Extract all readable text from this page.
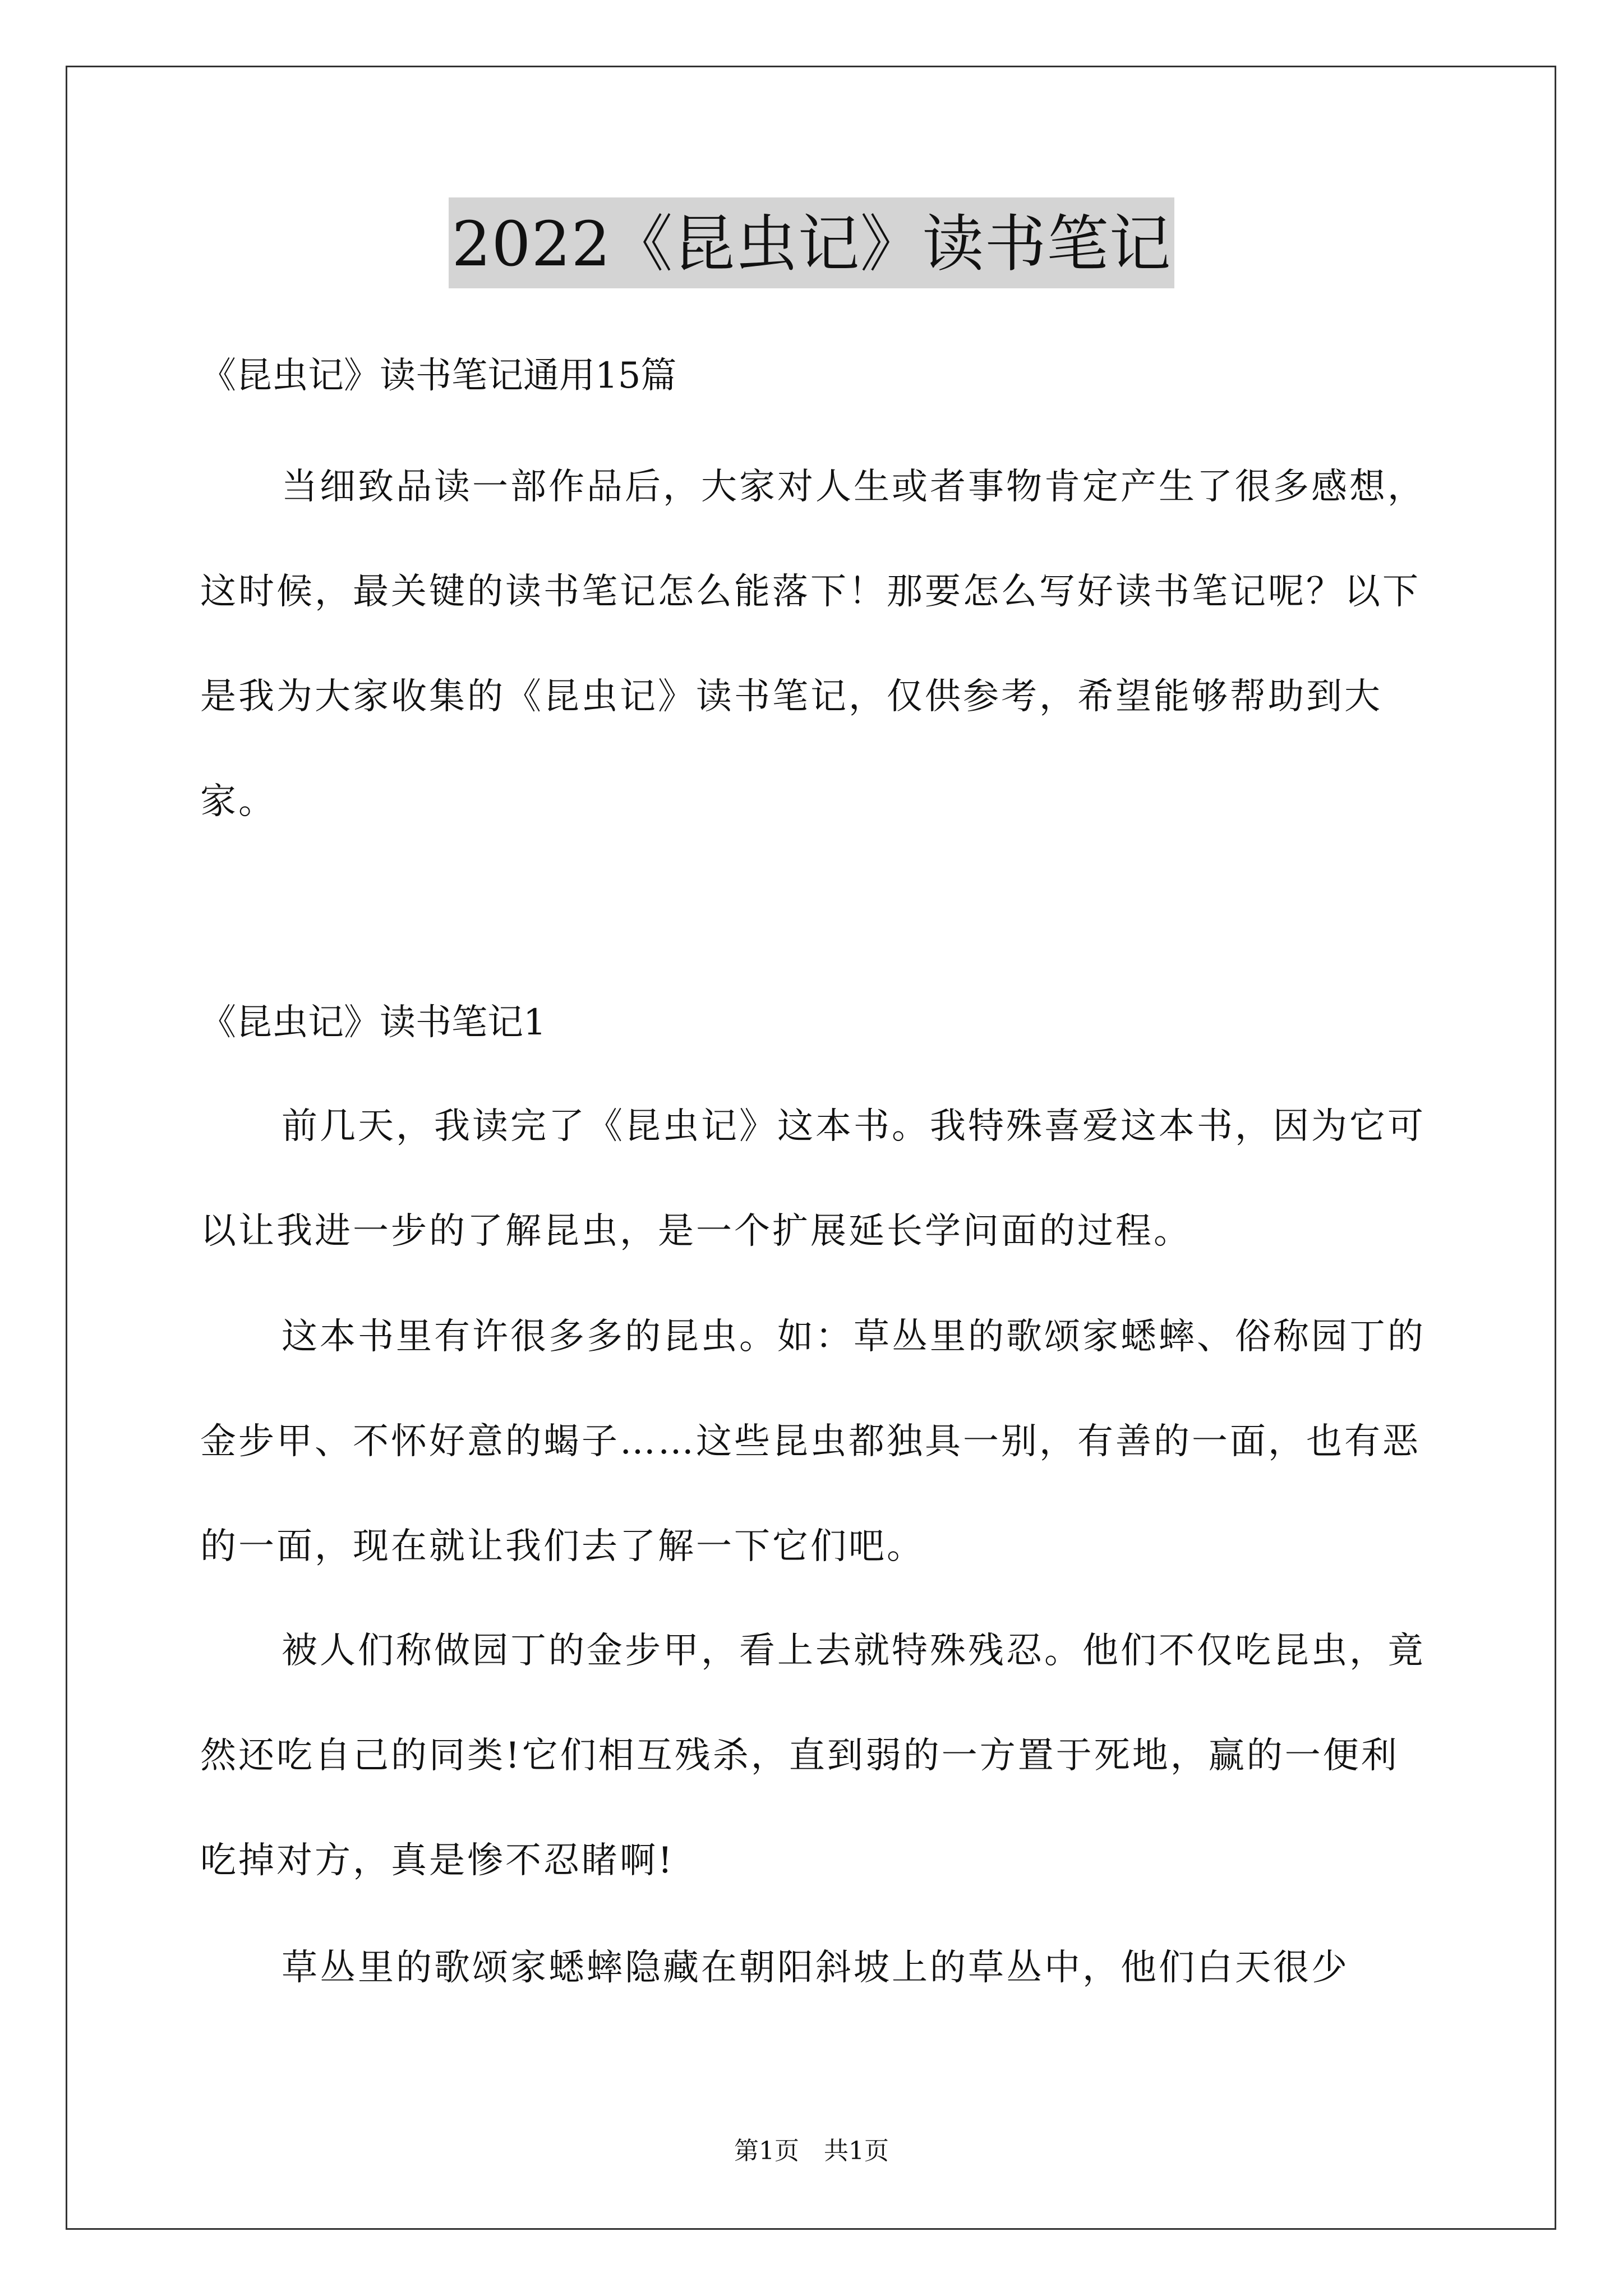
2022《昆虫记》读书笔记
《昆虫记》读书笔记通用15篇
当细致品读一部作品后，大家对人生或者事物肯定产生了很多感想，这时候，最关键的读书笔记怎么能落下！那要怎么写好读书笔记呢？以下是我为大家收集的《昆虫记》读书笔记，仅供参考，希望能够帮助到大家。
《昆虫记》读书笔记1
前几天，我读完了《昆虫记》这本书。我特殊喜爱这本书，因为它可以让我进一步的了解昆虫，是一个扩展延长学问面的过程。
这本书里有许很多多的昆虫。如：草丛里的歌颂家蟋蟀、俗称园丁的金步甲、不怀好意的蝎子……这些昆虫都独具一别，有善的一面，也有恶的一面，现在就让我们去了解一下它们吧。
被人们称做园丁的金步甲，看上去就特殊残忍。他们不仅吃昆虫，竟然还吃自己的同类!它们相互残杀，直到弱的一方置于死地，赢的一便利吃掉对方，真是惨不忍睹啊!
草丛里的歌颂家蟋蟀隐藏在朝阳斜坡上的草丛中，他们白天很少
第1页　共1页
